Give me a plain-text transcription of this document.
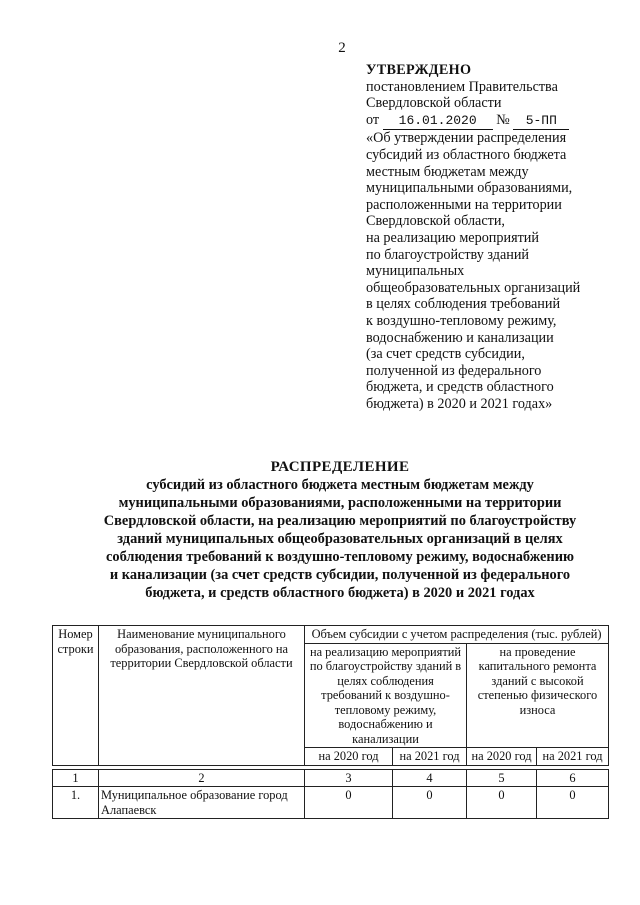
2
УТВЕРЖДЕНО
постановлением Правительства
Свердловской области
от 16.01.2020 № 5-ПП
«Об утверждении распределения
субсидий из областного бюджета
местным бюджетам между
муниципальными образованиями,
расположенными на территории
Свердловской области,
на реализацию мероприятий
по благоустройству зданий
муниципальных
общеобразовательных организаций
в целях соблюдения требований
к воздушно-тепловому режиму,
водоснабжению и канализации
(за счет средств субсидии,
полученной из федерального
бюджета, и средств областного
бюджета) в 2020 и 2021 годах»
РАСПРЕДЕЛЕНИЕ
субсидий из областного бюджета местным бюджетам между
муниципальными образованиями, расположенными на территории
Свердловской области, на реализацию мероприятий по благоустройству
зданий муниципальных общеобразовательных организаций в целях
соблюдения требований к воздушно-тепловому режиму, водоснабжению
и канализации (за счет средств субсидии, полученной из федерального
бюджета, и средств областного бюджета) в 2020 и 2021 годах
Номер строки	Наименование муниципального образования, расположенного на территории Свердловской области	Объем субсидии с учетом распределения (тыс. рублей)			
		на реализацию мероприятий по благоустройству зданий в целях соблюдения требований к воздушно-тепловому режиму, водоснабжению и канализации		на проведение капитального ремонта зданий с высокой степенью физического износа	
		на 2020 год	на 2021 год	на 2020 год	на 2021 год

1	2	3	4	5	6
1.	Муниципальное образование город Алапаевск	0	0	0	0
